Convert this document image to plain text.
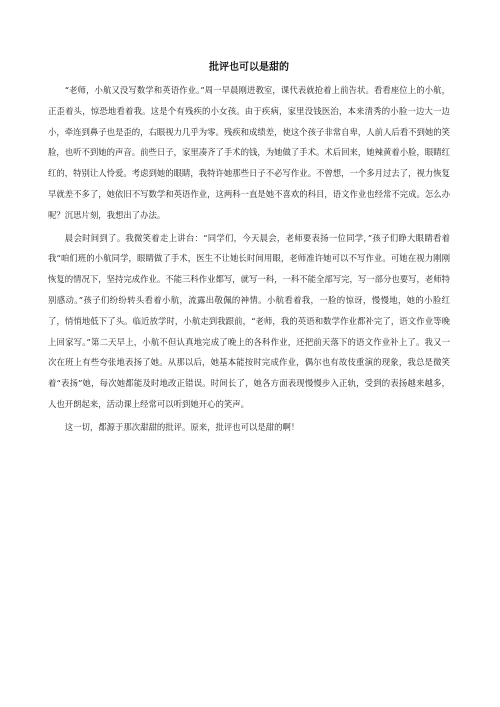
批评也可以是甜的

“老师，小航又没写数学和英语作业。”周一早晨刚进教室，课代表就抢着上前告状。看看座位上的小航，正歪着头，惊恐地看着我。这是个有残疾的小女孩。由于疾病，家里没钱医治，本来清秀的小脸一边大一边小，牵连到鼻子也是歪的，右眼视力几乎为零。残疾和成绩差，使这个孩子非常自卑，人前人后看不到她的笑脸，也听不到她的声音。前些日子，家里凑齐了手术的钱，为她做了手术。术后回来，她辣黄着小脸，眼睛红红的，特别让人怜爱。考虑到她的眼睛，我特许她那些日子不必写作业。不曾想，一个多月过去了，视力恢复早就差不多了，她依旧不写数学和英语作业，这两科一直是她不喜欢的科目，语文作业也经常不完成。怎么办呢？沉思片刻，我想出了办法。

晨会时间到了。我微笑着走上讲台：“同学们，今天晨会，老师要表扬一位同学，”孩子们睁大眼睛看着我“咱们班的小航同学，眼睛做了手术，医生不让她长时间用眼，老师准许她可以不写作业。可她在视力刚刚恢复的情况下，坚持完成作业。不能三科作业都写，就写一科，一科不能全部写完，写一部分也要写，老师特别感动。”孩子们纷纷转头看着小航，流露出敬佩的神情。小航看着我，一脸的惊讶，慢慢地，她的小脸红了，悄悄地低下了头。临近放学时，小航走到我跟前，“老师，我的英语和数学作业都补完了，语文作业等晚上回家写。”第二天早上，小航不但认真地完成了晚上的各科作业，还把前天落下的语文作业补上了。我又一次在班上有些夸张地表扬了她。从那以后，她基本能按时完成作业，偶尔也有故伎重演的现象，我总是微笑着“表扬”她，每次她都能及时地改正错误。时间长了，她各方面表现慢慢步入正轨，受到的表扬越来越多，人也开朗起来，活动课上经常可以听到她开心的笑声。

这一切，都源于那次甜甜的批评。原来，批评也可以是甜的啊！
